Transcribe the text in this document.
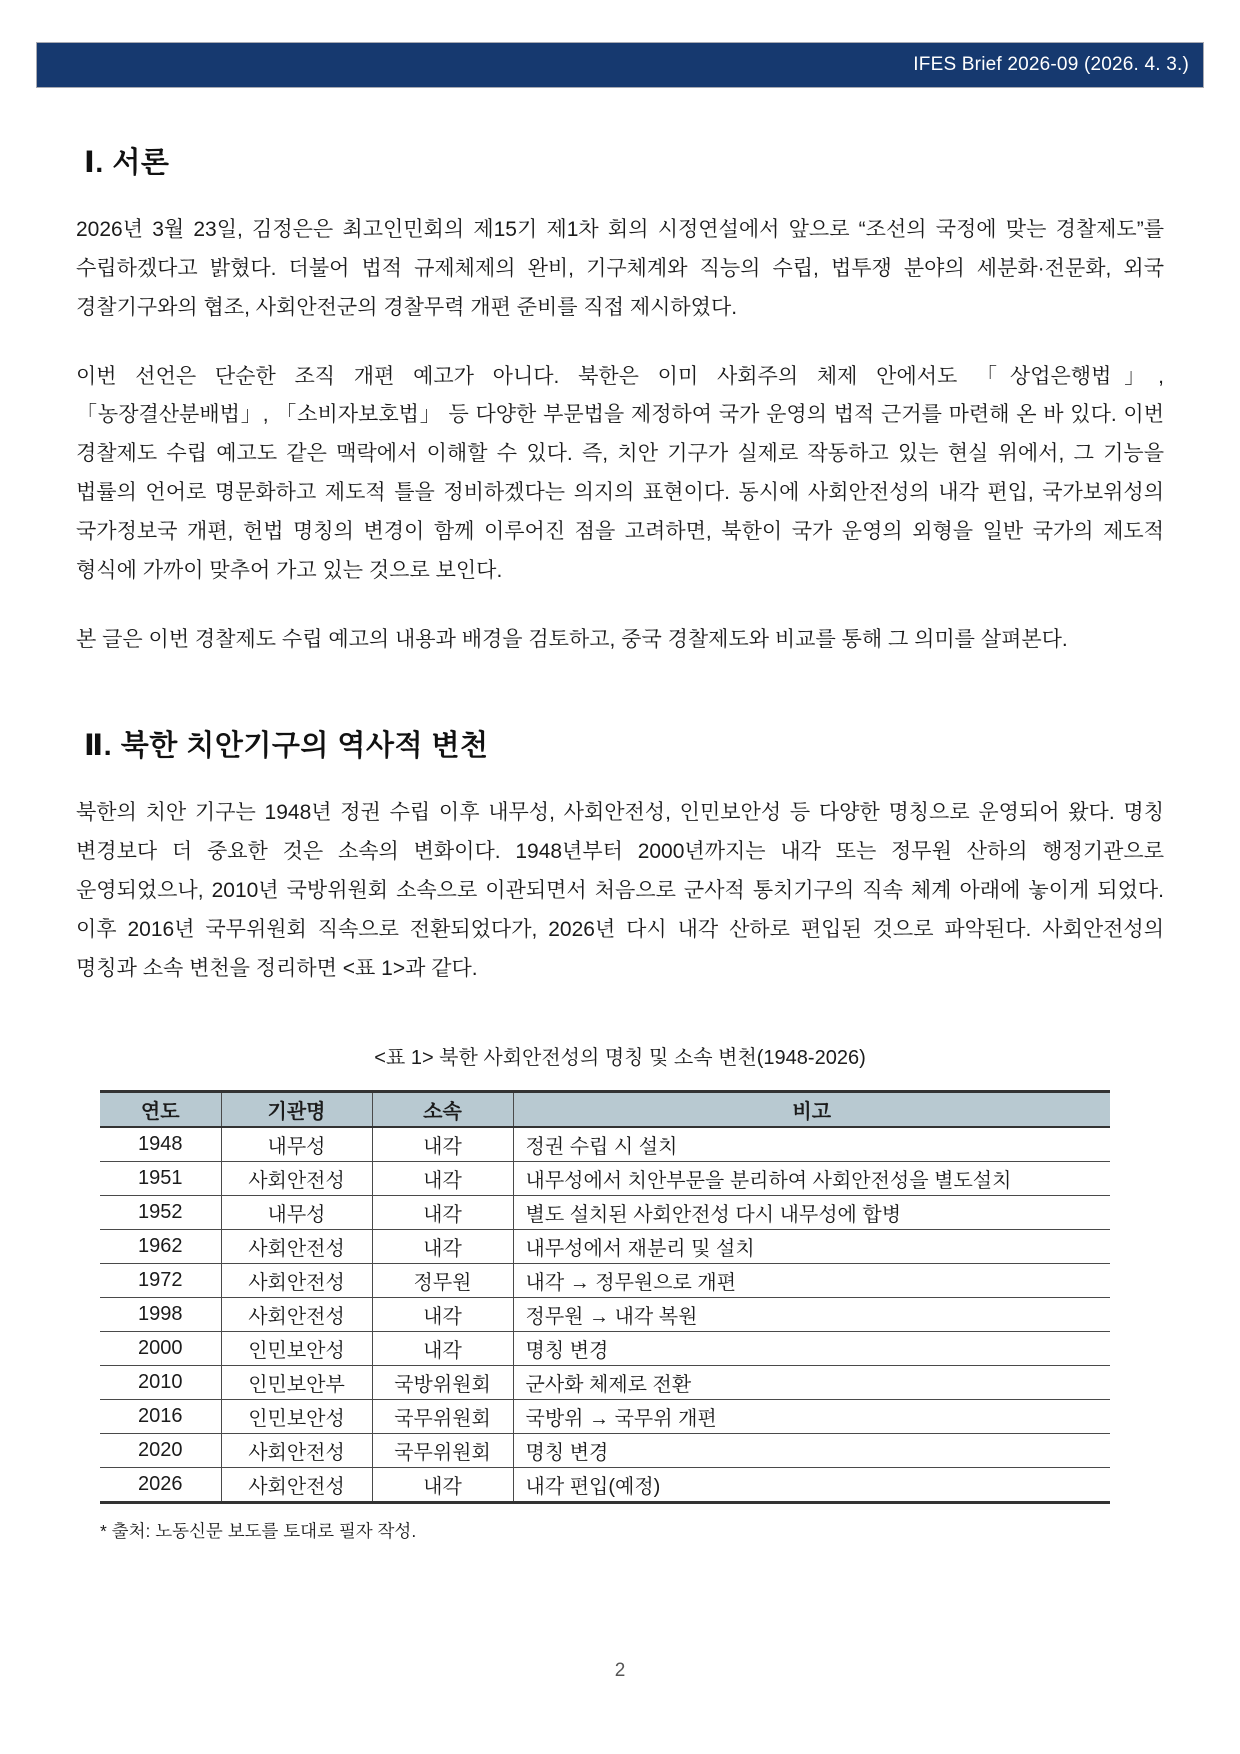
IFES Brief 2026-09 (2026. 4. 3.)
Ⅰ. 서론

2026년 3월 23일, 김정은은 최고인민회의 제15기 제1차 회의 시정연설에서 앞으로 “조선의 국정에 맞는 경찰제도”를 수립하겠다고 밝혔다. 더불어 법적 규제체제의 완비, 기구체계와 직능의 수립, 법투쟁 분야의 세분화·전문화, 외국 경찰기구와의 협조, 사회안전군의 경찰무력 개편 준비를 직접 제시하였다.

이번 선언은 단순한 조직 개편 예고가 아니다. 북한은 이미 사회주의 체제 안에서도 「상업은행법」, 「농장결산분배법」, 「소비자보호법」 등 다양한 부문법을 제정하여 국가 운영의 법적 근거를 마련해 온 바 있다. 이번 경찰제도 수립 예고도 같은 맥락에서 이해할 수 있다. 즉, 치안 기구가 실제로 작동하고 있는 현실 위에서, 그 기능을 법률의 언어로 명문화하고 제도적 틀을 정비하겠다는 의지의 표현이다. 동시에 사회안전성의 내각 편입, 국가보위성의 국가정보국 개편, 헌법 명칭의 변경이 함께 이루어진 점을 고려하면, 북한이 국가 운영의 외형을 일반 국가의 제도적 형식에 가까이 맞추어 가고 있는 것으로 보인다.

본 글은 이번 경찰제도 수립 예고의 내용과 배경을 검토하고, 중국 경찰제도와 비교를 통해 그 의미를 살펴본다.

Ⅱ. 북한 치안기구의 역사적 변천

북한의 치안 기구는 1948년 정권 수립 이후 내무성, 사회안전성, 인민보안성 등 다양한 명칭으로 운영되어 왔다. 명칭 변경보다 더 중요한 것은 소속의 변화이다. 1948년부터 2000년까지는 내각 또는 정무원 산하의 행정기관으로 운영되었으나, 2010년 국방위원회 소속으로 이관되면서 처음으로 군사적 통치기구의 직속 체계 아래에 놓이게 되었다. 이후 2016년 국무위원회 직속으로 전환되었다가, 2026년 다시 내각 산하로 편입된 것으로 파악된다. 사회안전성의 명칭과 소속 변천을 정리하면 <표 1>과 같다.

<표 1> 북한 사회안전성의 명칭 및 소속 변천(1948-2026)
연도	기관명	소속	비고
1948	내무성	내각	정권 수립 시 설치
1951	사회안전성	내각	내무성에서 치안부문을 분리하여 사회안전성을 별도설치
1952	내무성	내각	별도 설치된 사회안전성 다시 내무성에 합병
1962	사회안전성	내각	내무성에서 재분리 및 설치
1972	사회안전성	정무원	내각 → 정무원으로 개편
1998	사회안전성	내각	정무원 → 내각 복원
2000	인민보안성	내각	명칭 변경
2010	인민보안부	국방위원회	군사화 체제로 전환
2016	인민보안성	국무위원회	국방위 → 국무위 개편
2020	사회안전성	국무위원회	명칭 변경
2026	사회안전성	내각	내각 편입(예정)
* 출처: 노동신문 보도를 토대로 필자 작성.
2
